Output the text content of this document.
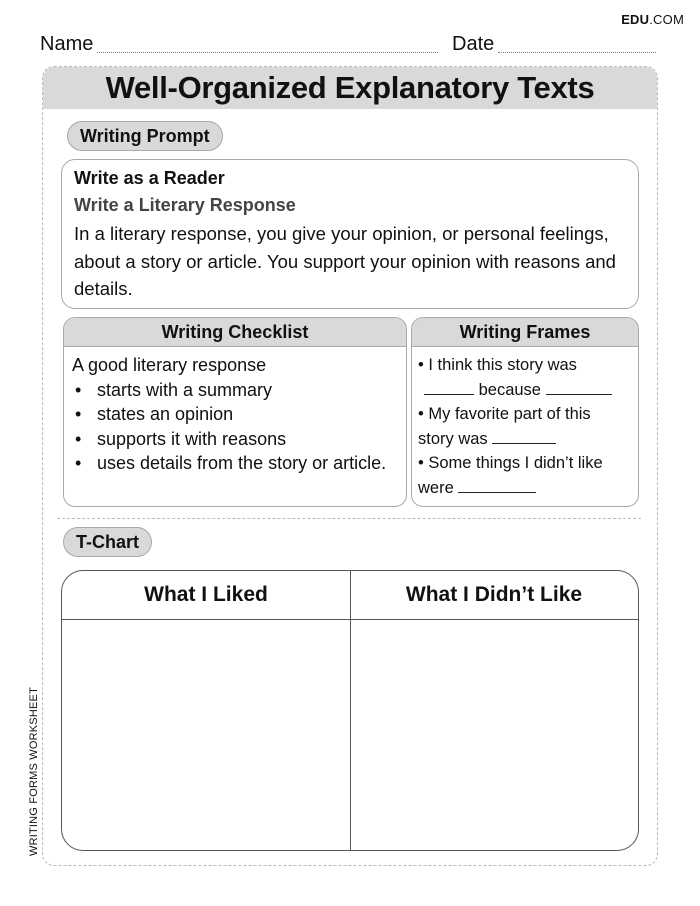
EDU.COM
Name	Date
Well-Organized Explanatory Texts
Writing Prompt
Write as a Reader
Write a Literary Response
In a literary response, you give your opinion, or personal feelings, about a story or article. You support your opinion with reasons and details.
Writing Checklist
A good literary response
• starts with a summary
• states an opinion
• supports it with reasons
• uses details from the story or article.
Writing Frames
• I think this story was
because
• My favorite part of this
story was
• Some things I didn’t like
were
T-Chart
What I Liked	What I Didn’t Like
WRITING FORMS WORKSHEET
